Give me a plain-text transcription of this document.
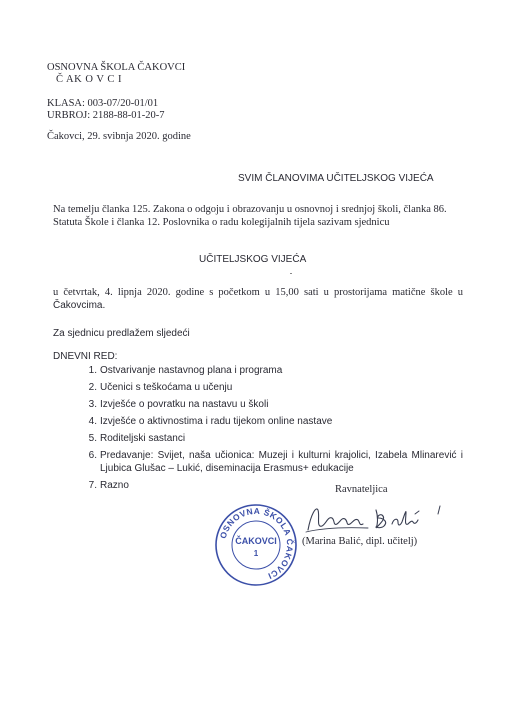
OSNOVNA ŠKOLA ČAKOVCI
Č AK O V C I
KLASA: 003-07/20-01/01
URBROJ: 2188-88-01-20-7
Čakovci, 29. svibnja 2020. godine
SVIM ČLANOVIMA UČITELJSKOG VIJEĆA
Na temelju članka 125. Zakona o odgoju i obrazovanju u osnovnoj i srednjoj školi, članka 86.
Statuta Škole i članka 12. Poslovnika o radu kolegijalnih tijela sazivam sjednicu
UČITELJSKOG VIJEĆA
u četvrtak, 4. lipnja 2020. godine s početkom u 15,00 sati u prostorijama matične škole u
Čakovcima.
Za sjednicu predlažem sljedeći
DNEVNI RED:
1. Ostvarivanje nastavnog plana i programa
2. Učenici s teškoćama u učenju
3. Izvješće o povratku na nastavu u školi
4. Izvješće o aktivnostima i radu tijekom online nastave
5. Roditeljski sastanci
6. Predavanje: Svijet, naša učionica: Muzeji i kulturni krajolici, Izabela Mlinarević i
Ljubica Glušac – Lukić, diseminacija Erasmus+ edukacije
7. Razno	Ravnateljica
OSNOVNA ŠKOLA ČAKOVCI
ČAKOVCI
1
(Marina Balić, dipl. učitelj)
